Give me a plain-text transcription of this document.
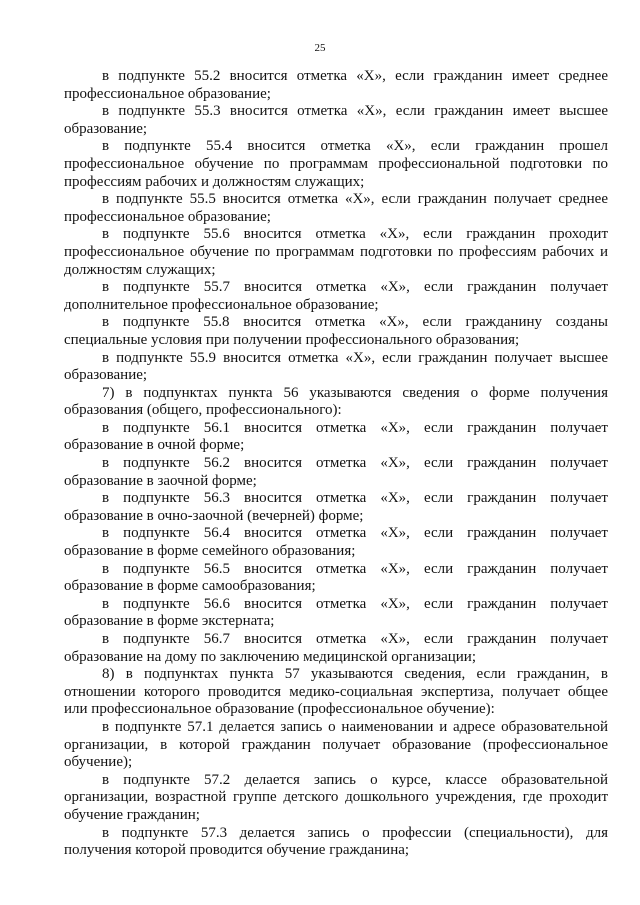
25

в подпункте 55.2 вносится отметка «Х», если гражданин имеет среднее профессиональное образование;

в подпункте 55.3 вносится отметка «Х», если гражданин имеет высшее образование;

в подпункте 55.4 вносится отметка «Х», если гражданин прошел профессиональное обучение по программам профессиональной подготовки по профессиям рабочих и должностям служащих;

в подпункте 55.5 вносится отметка «Х», если гражданин получает среднее профессиональное образование;

в подпункте 55.6 вносится отметка «Х», если гражданин проходит профессиональное обучение по программам подготовки по профессиям рабочих и должностям служащих;

в подпункте 55.7 вносится отметка «Х», если гражданин получает дополнительное профессиональное образование;

в подпункте 55.8 вносится отметка «Х», если гражданину созданы специальные условия при получении профессионального образования;

в подпункте 55.9 вносится отметка «Х», если гражданин получает высшее образование;

7) в подпунктах пункта 56 указываются сведения о форме получения образования (общего, профессионального):

в подпункте 56.1 вносится отметка «Х», если гражданин получает образование в очной форме;

в подпункте 56.2 вносится отметка «Х», если гражданин получает образование в заочной форме;

в подпункте 56.3 вносится отметка «Х», если гражданин получает образование в очно-заочной (вечерней) форме;

в подпункте 56.4 вносится отметка «Х», если гражданин получает образование в форме семейного образования;

в подпункте 56.5 вносится отметка «Х», если гражданин получает образование в форме самообразования;

в подпункте 56.6 вносится отметка «Х», если гражданин получает образование в форме экстерната;

в подпункте 56.7 вносится отметка «Х», если гражданин получает образование на дому по заключению медицинской организации;

8) в подпунктах пункта 57 указываются сведения, если гражданин, в отношении которого проводится медико-социальная экспертиза, получает общее или профессиональное образование (профессиональное обучение):

в подпункте 57.1 делается запись о наименовании и адресе образовательной организации, в которой гражданин получает образование (профессиональное обучение);

в подпункте 57.2 делается запись о курсе, классе образовательной организации, возрастной группе детского дошкольного учреждения, где проходит обучение гражданин;

в подпункте 57.3 делается запись о профессии (специальности), для получения которой проводится обучение гражданина;
